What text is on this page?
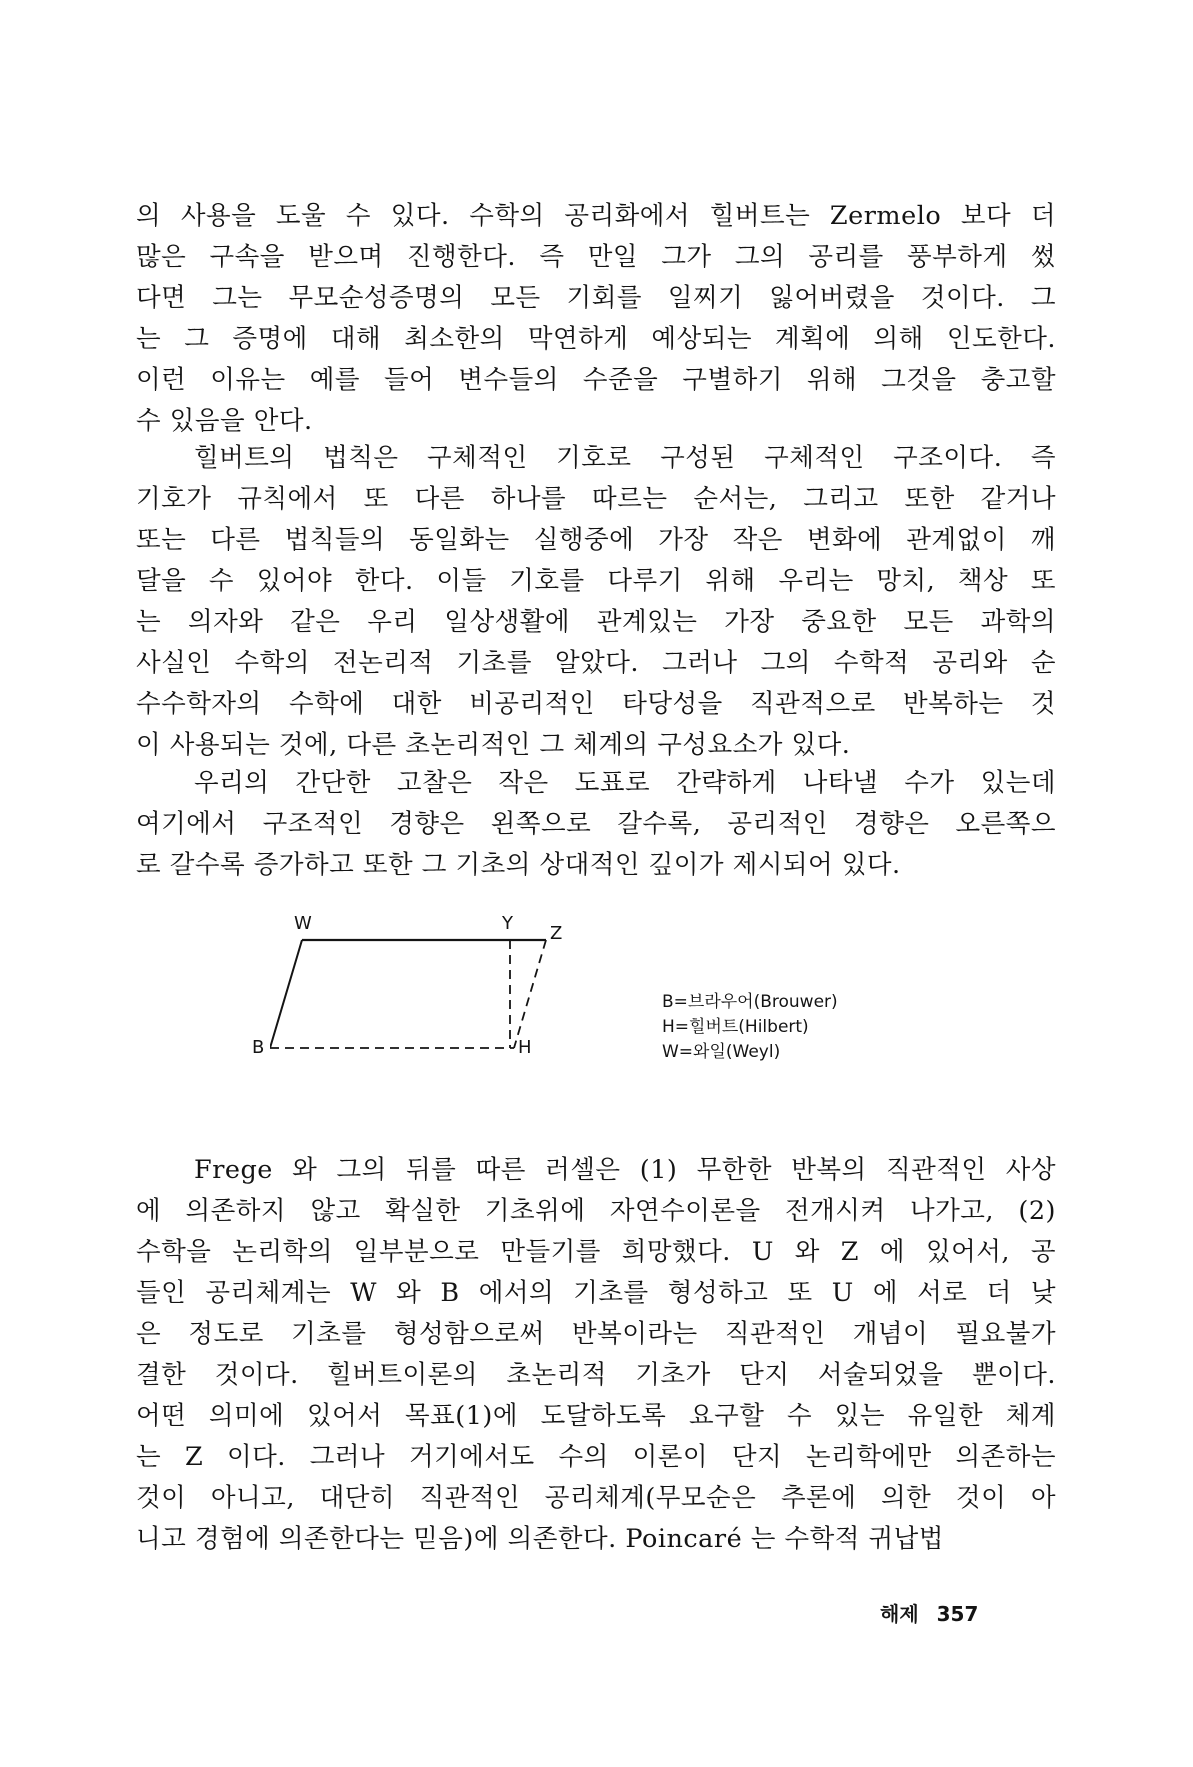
의 사용을 도울 수 있다. 수학의 공리화에서 힐버트는 Zermelo 보다 더
많은 구속을 받으며 진행한다. 즉 만일 그가 그의 공리를 풍부하게 썼
다면 그는 무모순성증명의 모든 기회를 일찌기 잃어버렸을 것이다. 그
는 그 증명에 대해 최소한의 막연하게 예상되는 계획에 의해 인도한다.
이런 이유는 예를 들어 변수들의 수준을 구별하기 위해 그것을 충고할
수 있음을 안다.
힐버트의 법칙은 구체적인 기호로 구성된 구체적인 구조이다. 즉
기호가 규칙에서 또 다른 하나를 따르는 순서는, 그리고 또한 같거나
또는 다른 법칙들의 동일화는 실행중에 가장 작은 변화에 관계없이 깨
달을 수 있어야 한다. 이들 기호를 다루기 위해 우리는 망치, 책상 또
는 의자와 같은 우리 일상생활에 관계있는 가장 중요한 모든 과학의
사실인 수학의 전논리적 기초를 알았다. 그러나 그의 수학적 공리와 순
수수학자의 수학에 대한 비공리적인 타당성을 직관적으로 반복하는 것
이 사용되는 것에, 다른 초논리적인 그 체계의 구성요소가 있다.
우리의 간단한 고찰은 작은 도표로 간략하게 나타낼 수가 있는데
여기에서 구조적인 경향은 왼쪽으로 갈수록, 공리적인 경향은 오른쪽으
로 갈수록 증가하고 또한 그 기초의 상대적인 깊이가 제시되어 있다.
W	Y Z
B	H
B=브라우어(Brouwer)
H=힐버트(Hilbert)
W=와일(Weyl)
Frege 와 그의 뒤를 따른 러셀은 (1) 무한한 반복의 직관적인 사상
에 의존하지 않고 확실한 기초위에 자연수이론을 전개시켜 나가고, (2)
수학을 논리학의 일부분으로 만들기를 희망했다. U 와 Z 에 있어서, 공
들인 공리체계는 W 와 B 에서의 기초를 형성하고 또 U 에 서로 더 낮
은 정도로 기초를 형성함으로써 반복이라는 직관적인 개념이 필요불가
결한 것이다. 힐버트이론의 초논리적 기초가 단지 서술되었을 뿐이다.
어떤 의미에 있어서 목표(1)에 도달하도록 요구할 수 있는 유일한 체계
는 Z 이다. 그러나 거기에서도 수의 이론이 단지 논리학에만 의존하는
것이 아니고, 대단히 직관적인 공리체계(무모순은 추론에 의한 것이 아
니고 경험에 의존한다는 믿음)에 의존한다. Poincaré 는 수학적 귀납법
해제 357
